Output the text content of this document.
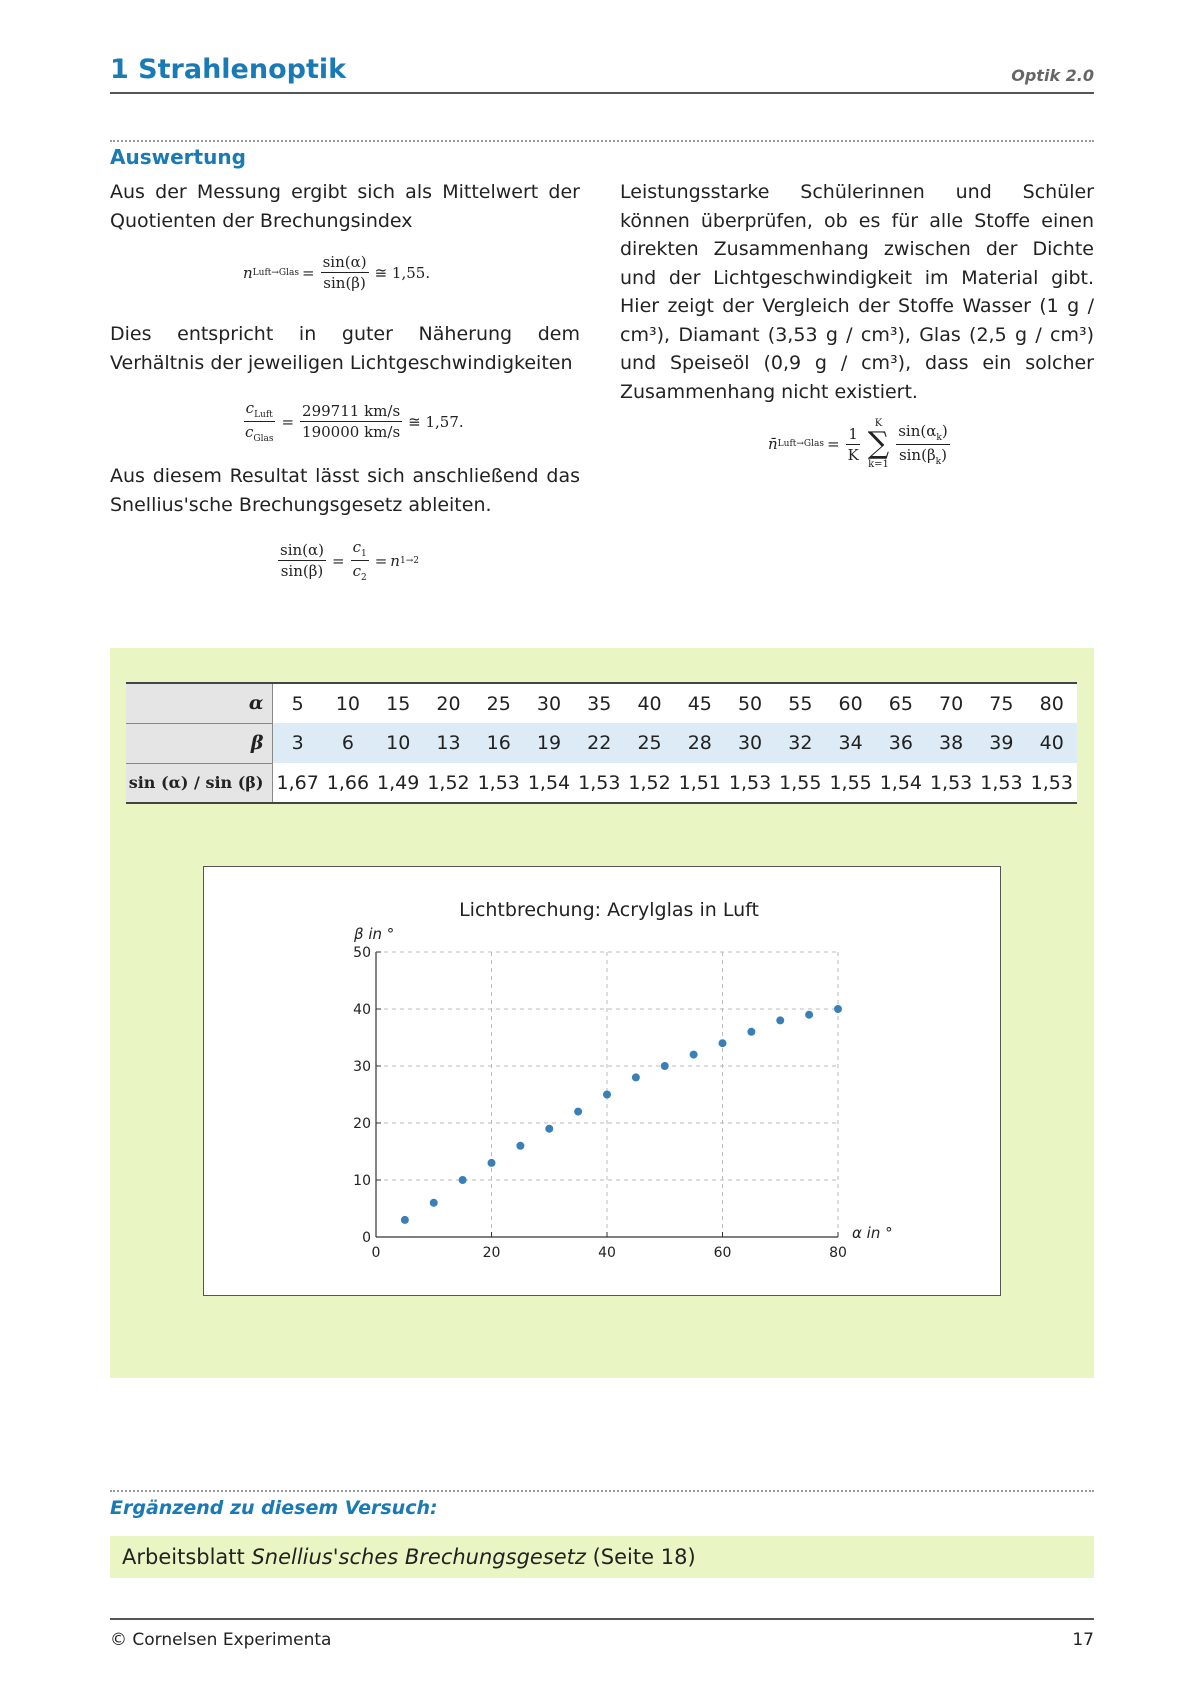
1 Strahlenoptik	Optik 2.0
Auswertung
Aus der Messung ergibt sich als Mittelwert der Quotienten der Brechungsindex
n Luft→Glas = $\frac{\sin(\alpha)}{\sin(\beta)}$ ≅ 1,55.
Dies entspricht in guter Näherung dem Verhältnis der jeweiligen Lichtgeschwindigkeiten
$\frac{c_{Luft}}{c_{Glas}} = \frac{299711 km/s}{190000 km/s}$ ≅ 1,57.
Aus diesem Resultat lässt sich anschließend das Snellius'sche Brechungsgesetz ableiten.
$\frac{\sin(\alpha)}{\sin(\beta)} = \frac{c_1}{c_2} = n$ 1→2
Leistungsstarke Schülerinnen und Schüler können überprüfen, ob es für alle Stoffe einen direkten Zusammenhang zwischen der Dichte und der Lichtgeschwindigkeit im Material gibt. Hier zeigt der Vergleich der Stoffe Wasser (1 g / cm³), Diamant (3,53 g / cm³), Glas (2,5 g / cm³) und Speiseöl (0,9 g / cm³), dass ein solcher Zusammenhang nicht existiert.
n̄ Luft→Glas = $\frac{1}{K}$
K
∑
$k=1 \frac{\sin(\alpha_k)}{\sin(\beta_k)}$
α	5	10	15	20	25	30	35	40	45	50	55	60	65	70	75	80
β	3	6	10	13	16	19	22	25	28	30	32	34	36	38	39	40
sin (α) / sin (β)	1,67	1,66	1,49	1,52	1,53	1,54	1,53	1,52	1,51	1,53	1,55	1,55	1,54	1,53	1,53	1,53
Lichtbrechung: Acrylglas in Luft
β in °
α in °
0	20	40	60	80
0
10
20
30
40
50
Ergänzend zu diesem Versuch:
Arbeitsblatt Snellius'sches Brechungsgesetz (Seite 18)
© Cornelsen Experimenta	17
